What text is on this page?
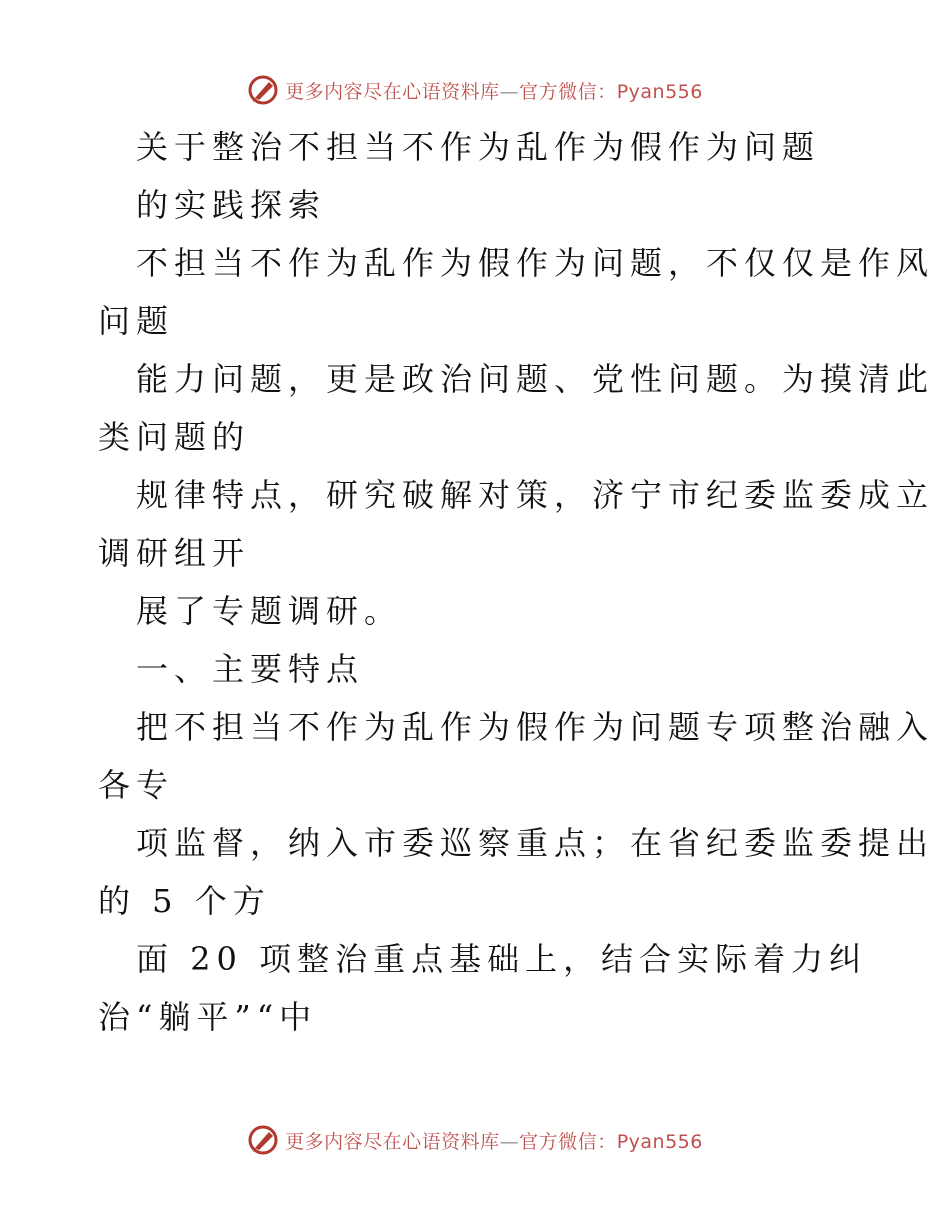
更多内容尽在心语资料库—官方微信：Pyan556
关于整治不担当不作为乱作为假作为问题
的实践探索
不担当不作为乱作为假作为问题，不仅仅是作风
问题
能力问题，更是政治问题、党性问题。为摸清此
类问题的
规律特点，研究破解对策，济宁市纪委监委成立
调研组开
展了专题调研。
一、主要特点
把不担当不作为乱作为假作为问题专项整治融入
各专
项监督，纳入市委巡察重点；在省纪委监委提出
的 5 个方
面 20 项整治重点基础上，结合实际着力纠
治“躺平”“中
更多内容尽在心语资料库—官方微信：Pyan556
